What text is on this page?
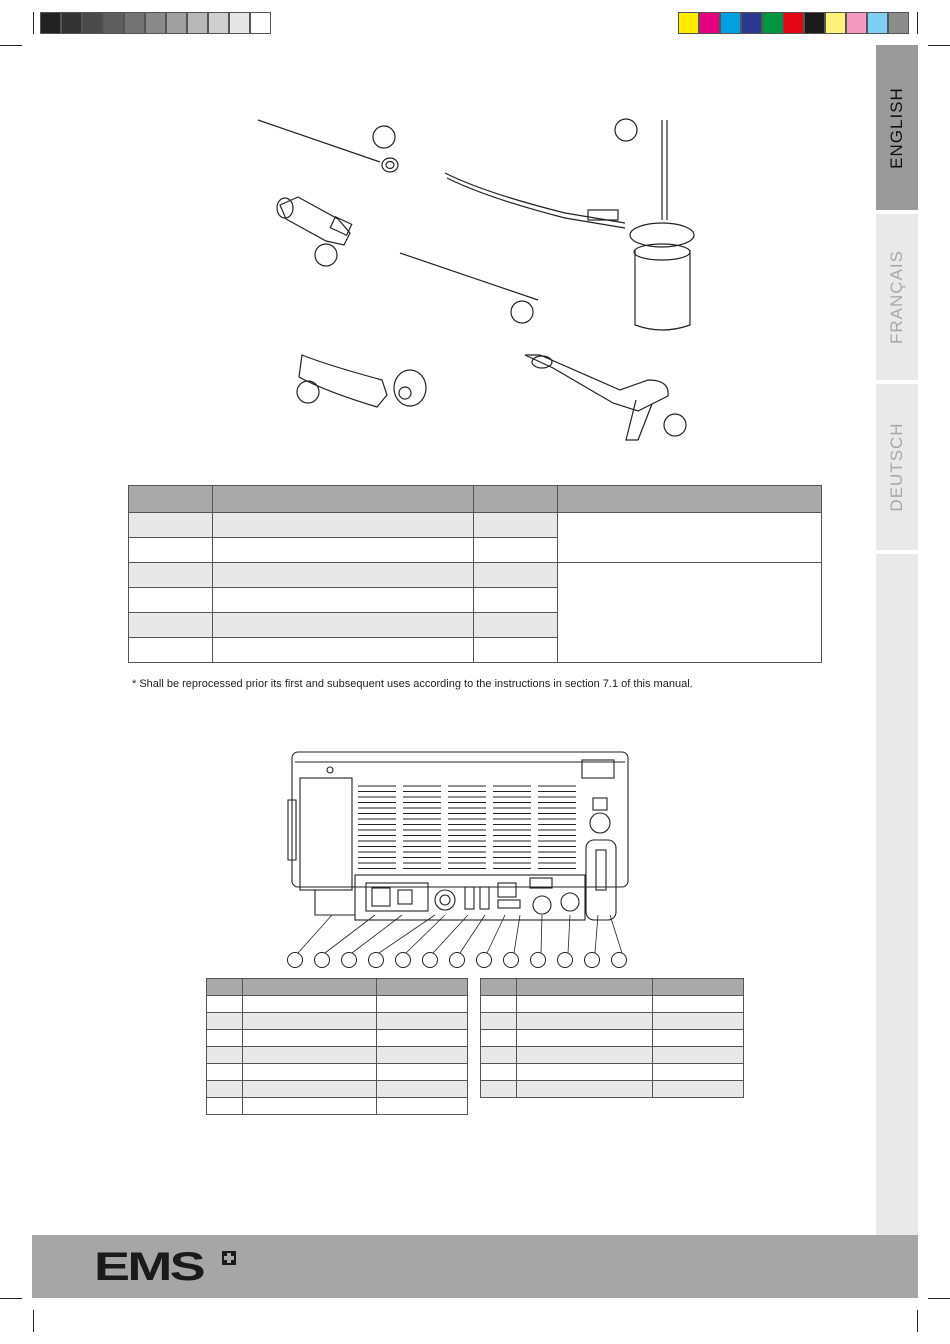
ENGLISH
FRANÇAIS
DEUTSCH

* Shall be reprocessed prior its first and subsequent uses according to the instructions in section 7.1 of this manual.

EMS
